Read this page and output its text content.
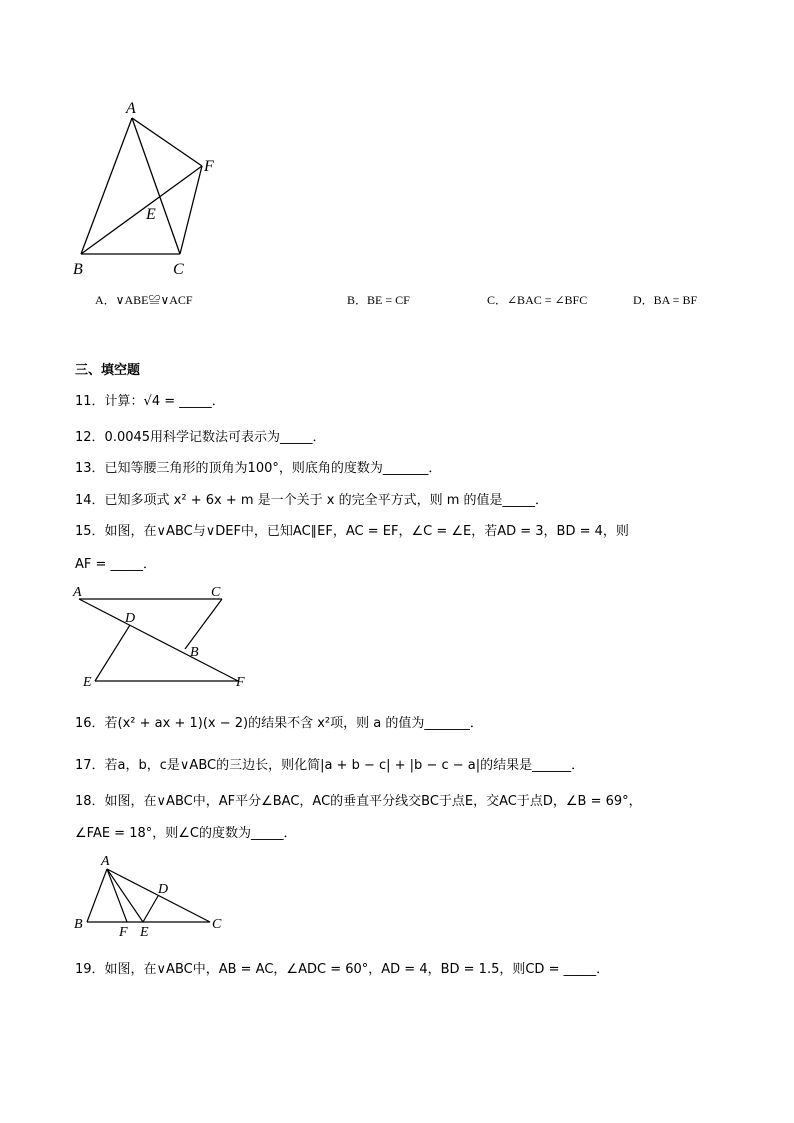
A
F
E
B	C
A．∨ABE≌∨ACF	B．BE = CF	C．∠BAC = ∠BFC	D．BA = BF
三、填空题
11．计算：√4 = _____．
12．0.0045用科学记数法可表示为_____．
13．已知等腰三角形的顶角为100°，则底角的度数为_______．
14．已知多项式 x² + 6x + m 是一个关于 x 的完全平方式，则 m 的值是_____．
15．如图，在∨ABC与∨DEF中，已知AC∥EF，AC = EF，∠C = ∠E，若AD = 3，BD = 4，则
AF = _____．
A	C
D
B
E	F
16．若(x² + ax + 1)(x − 2)的结果不含 x²项，则 a 的值为_______．
17．若a，b，c是∨ABC的三边长，则化简|a + b − c| + |b − c − a|的结果是______．
18．如图，在∨ABC中，AF平分∠BAC，AC的垂直平分线交BC于点E，交AC于点D，∠B = 69°，
∠FAE = 18°，则∠C的度数为_____．
A
D
B	C
F E
19．如图，在∨ABC中，AB = AC，∠ADC = 60°，AD = 4，BD = 1.5，则CD = _____．
